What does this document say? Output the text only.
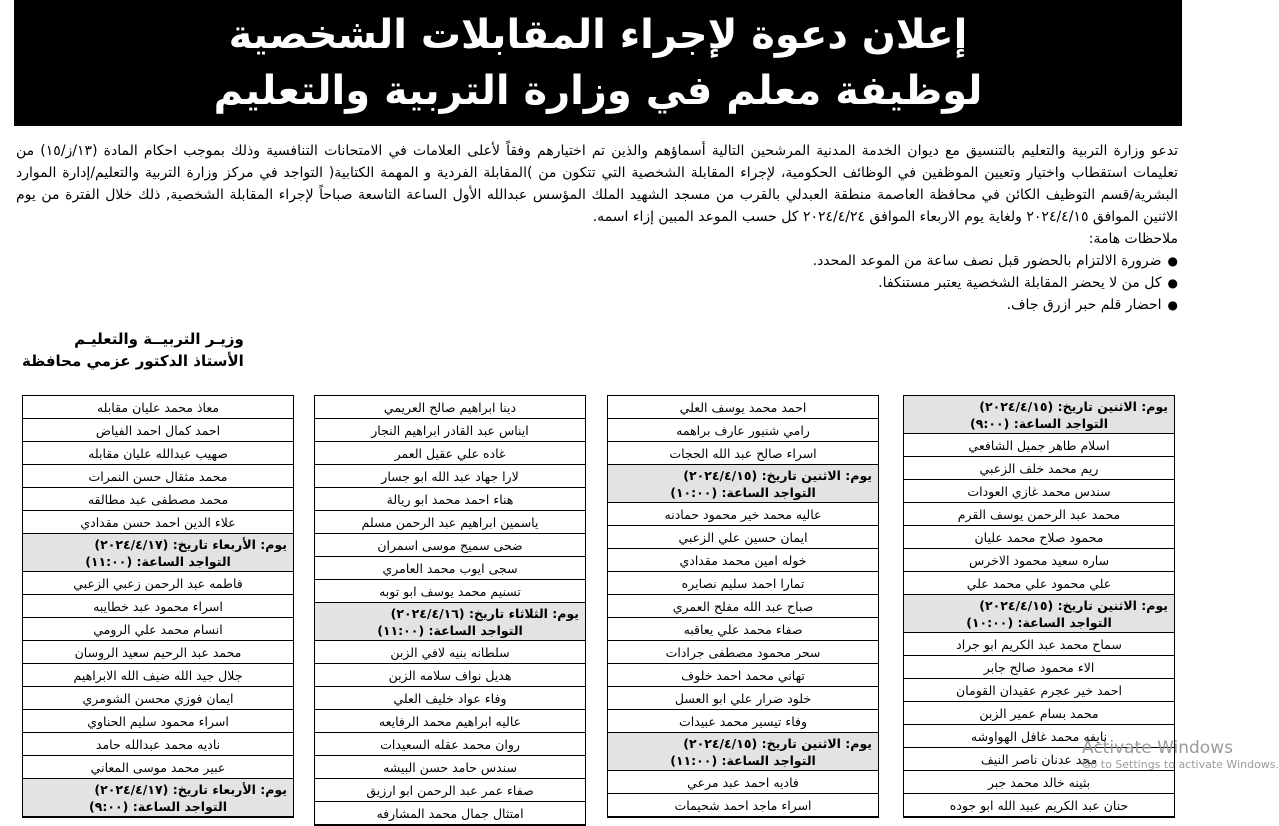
إعلان دعوة لإجراء المقابلات الشخصية
لوظيفة معلم في وزارة التربية والتعليم

تدعو وزارة التربية والتعليم بالتنسيق مع ديوان الخدمة المدنية المرشحين التالية أسماؤهم والذين تم اختيارهم وفقاً لأعلى العلامات في الامتحانات التنافسية وذلك بموجب احكام المادة (١٣/ز/١٥) من تعليمات استقطاب واختيار وتعيين الموظفين في الوظائف الحكومية، لإجراء المقابلة الشخصية التي تتكون من )المقابلة الفردية و المهمة الكتابية( التواجد في مركز وزارة التربية والتعليم/إدارة الموارد البشرية/قسم التوظيف الكائن في محافظة العاصمة منطقة العبدلي بالقرب من مسجد الشهيد الملك المؤسس عبدالله الأول الساعة التاسعة صباحاً لإجراء المقابلة الشخصية, ذلك خلال الفترة من يوم الاثنين الموافق ٢٠٢٤/٤/١٥ ولغاية يوم الاربعاء الموافق ٢٠٢٤/٤/٢٤ كل حسب الموعد المبين إزاء اسمه.

ملاحظات هامة:

●
ضرورة الالتزام بالحضور قبل نصف ساعة من الموعد المحدد.
●
كل من لا يحضر المقابلة الشخصية يعتبر مستنكفا.
●
احضار قلم حبر ازرق جاف.
وزيـر التربيــة والتعليـم
الأستاذ الدكتور عزمي محافظة
يوم: الاثنين تاريخ: (٢٠٢٤/٤/١٥)
التواجد الساعة: (٩:٠٠)
اسلام طاهر جميل الشافعي
ريم محمد خلف الزعبي
سندس محمد غازي العودات
محمد عبد الرحمن يوسف القرم
محمود صلاح محمد عليان
ساره سعيد محمود الاخرس
علي محمود علي محمد علي
يوم: الاثنين تاريخ: (٢٠٢٤/٤/١٥)
التواجد الساعة: (١٠:٠٠)
سماح محمد عبد الكريم ابو جراد
الاء محمود صالح جابر
احمد خير عجرم عقيدان القومان
محمد بسام عمير الزبن
نايفه محمد غافل الهواوشه
مجد عدنان ناصر النيف
بثينه خالد محمد جبر
حنان عبد الكريم عبيد الله ابو جوده
احمد محمد يوسف العلي
رامي شنيور عارف براهمه
اسراء صالح عبد الله الحجات
يوم: الاثنين تاريخ: (٢٠٢٤/٤/١٥)
التواجد الساعة: (١٠:٠٠)
عاليه محمد خير محمود حمادنه
ايمان حسين علي الزعبي
خوله امين محمد مقدادي
تمارا احمد سليم نصايره
صباح عبد الله مفلح العمري
صفاء محمد علي يعاقبه
سحر محمود مصطفى جرادات
تهاني محمد احمد خلوف
خلود ضرار علي ابو العسل
وفاء تيسير محمد عبيدات
يوم: الاثنين تاريخ: (٢٠٢٤/٤/١٥)
التواجد الساعة: (١١:٠٠)
فاديه احمد عبد مرعي
اسراء ماجد احمد شحيمات
دينا ابراهيم صالح العريمي
ايناس عبد القادر ابراهيم النجار
غاده علي عقيل العمر
لارا جهاد عبد الله ابو جسار
هناء احمد محمد ابو ريالة
ياسمين ابراهيم عبد الرحمن مسلم
ضحى سميح موسى اسمران
سجى ايوب محمد العامري
تسنيم محمد يوسف ابو توبه
يوم: الثلاثاء تاريخ: (٢٠٢٤/٤/١٦)
التواجد الساعة: (١١:٠٠)
سلطانه بنيه لافي الزبن
هديل نواف سلامه الزبن
وفاء عواد خليف العلي
عاليه ابراهيم محمد الرفايعه
روان محمد عقله السعيدات
سندس حامد حسن البيشه
صفاء عمر عبد الرحمن ابو ارزيق
امتثال جمال محمد المشارفه
معاذ محمد عليان مقابله
احمد كمال احمد الفياض
صهيب عبدالله عليان مقابله
محمد مثقال حسن النمرات
محمد مصطفى عبد مطالقه
علاء الدين احمد حسن مقدادي
يوم: الأربعاء تاريخ: (٢٠٢٤/٤/١٧)
التواجد الساعة: (١١:٠٠)
فاطمه عبد الرحمن زعبي الزعبي
اسراء محمود عبد خطايبه
انسام محمد علي الرومي
محمد عبد الرحيم سعيد الروسان
جلال جيد الله ضيف الله الابراهيم
ايمان فوزي محسن الشومري
اسراء محمود سليم الحناوي
ناديه محمد عبدالله حامد
عبير محمد موسى المعاني
يوم: الأربعاء تاريخ: (٢٠٢٤/٤/١٧)
التواجد الساعة: (٩:٠٠)
Activate Windows
Go to Settings to activate Windows.
